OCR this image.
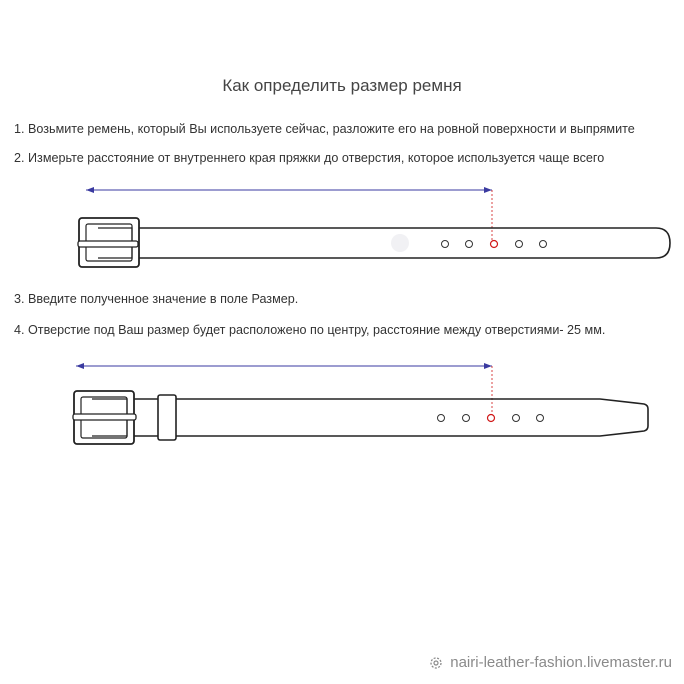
Как определить размер ремня
1. Возьмите ремень, который Вы используете сейчас, разложите его на ровной поверхности и выпрямите
2. Измерьте расстояние от внутреннего края пряжки до отверстия, которое используется чаще всего
3. Введите полученное значение в поле Размер.
4. Отверстие под Ваш размер будет расположено по центру, расстояние между отверстиями- 25 мм.
nairi-leather-fashion.livemaster.ru
